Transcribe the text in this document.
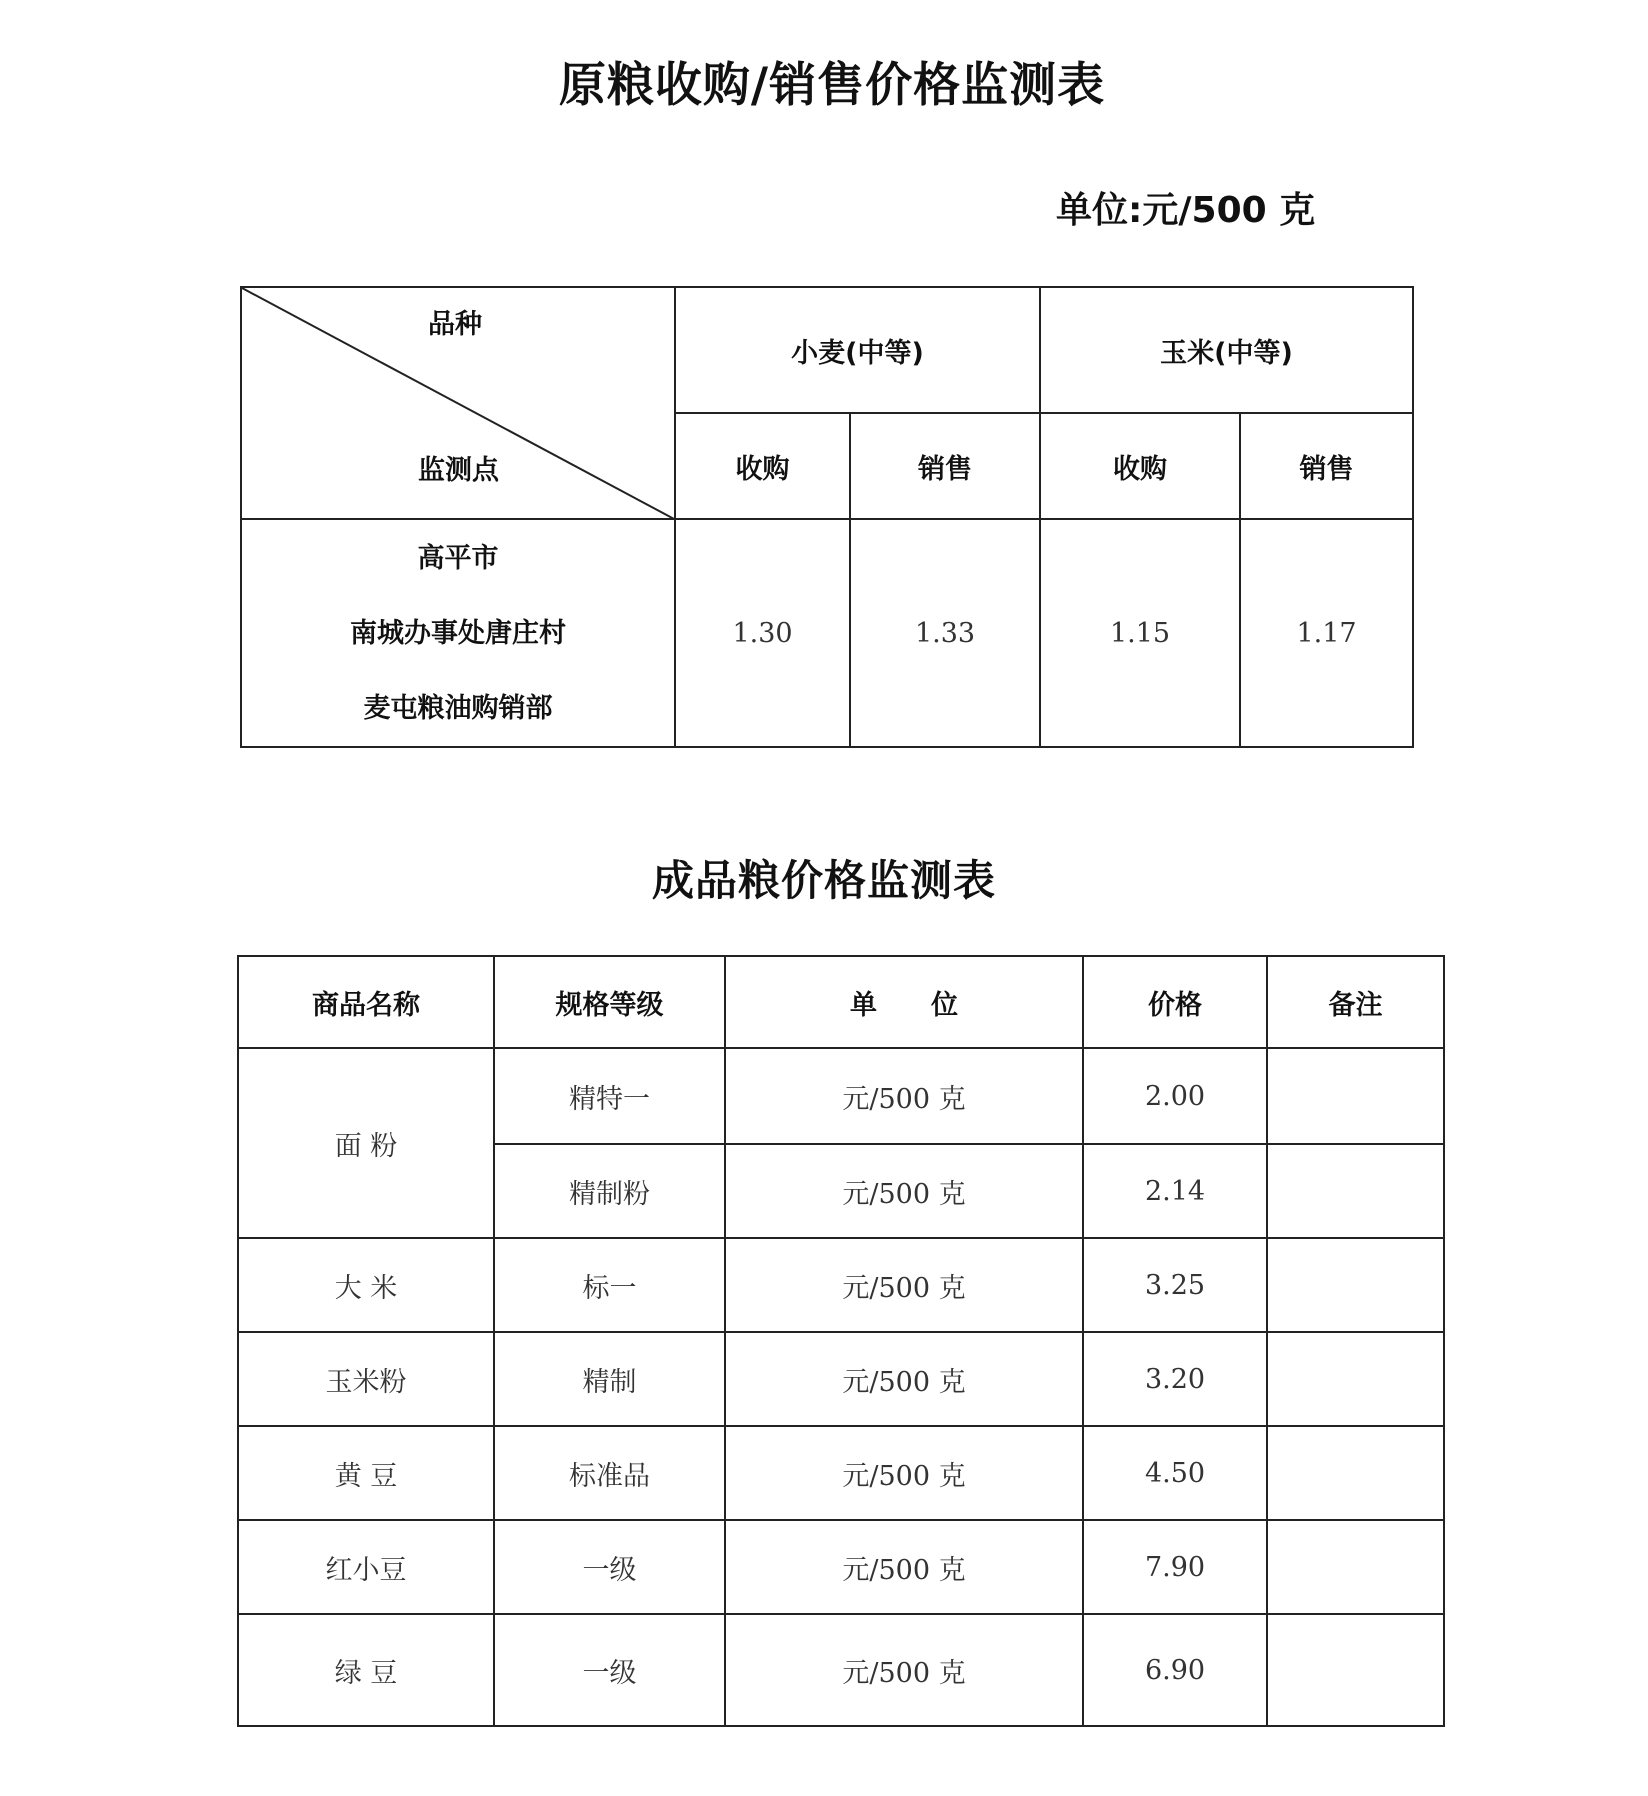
原粮收购/销售价格监测表
单位:元/500 克
品种
监测点	小麦(中等)		玉米(中等)	
	收购	销售	收购	销售

高平市
南城办事处唐庄村
麦屯粮油购销部	1.30	1.33	1.15	1.17
成品粮价格监测表
商品名称	规格等级	单　　位	价格	备注
面 粉	精特一	元/500 克	2.00	
	精制粉	元/500 克	2.14	
大 米	标一	元/500 克	3.25	
玉米粉	精制	元/500 克	3.20	
黄 豆	标准品	元/500 克	4.50	
红小豆	一级	元/500 克	7.90	
绿 豆	一级	元/500 克	6.90	
